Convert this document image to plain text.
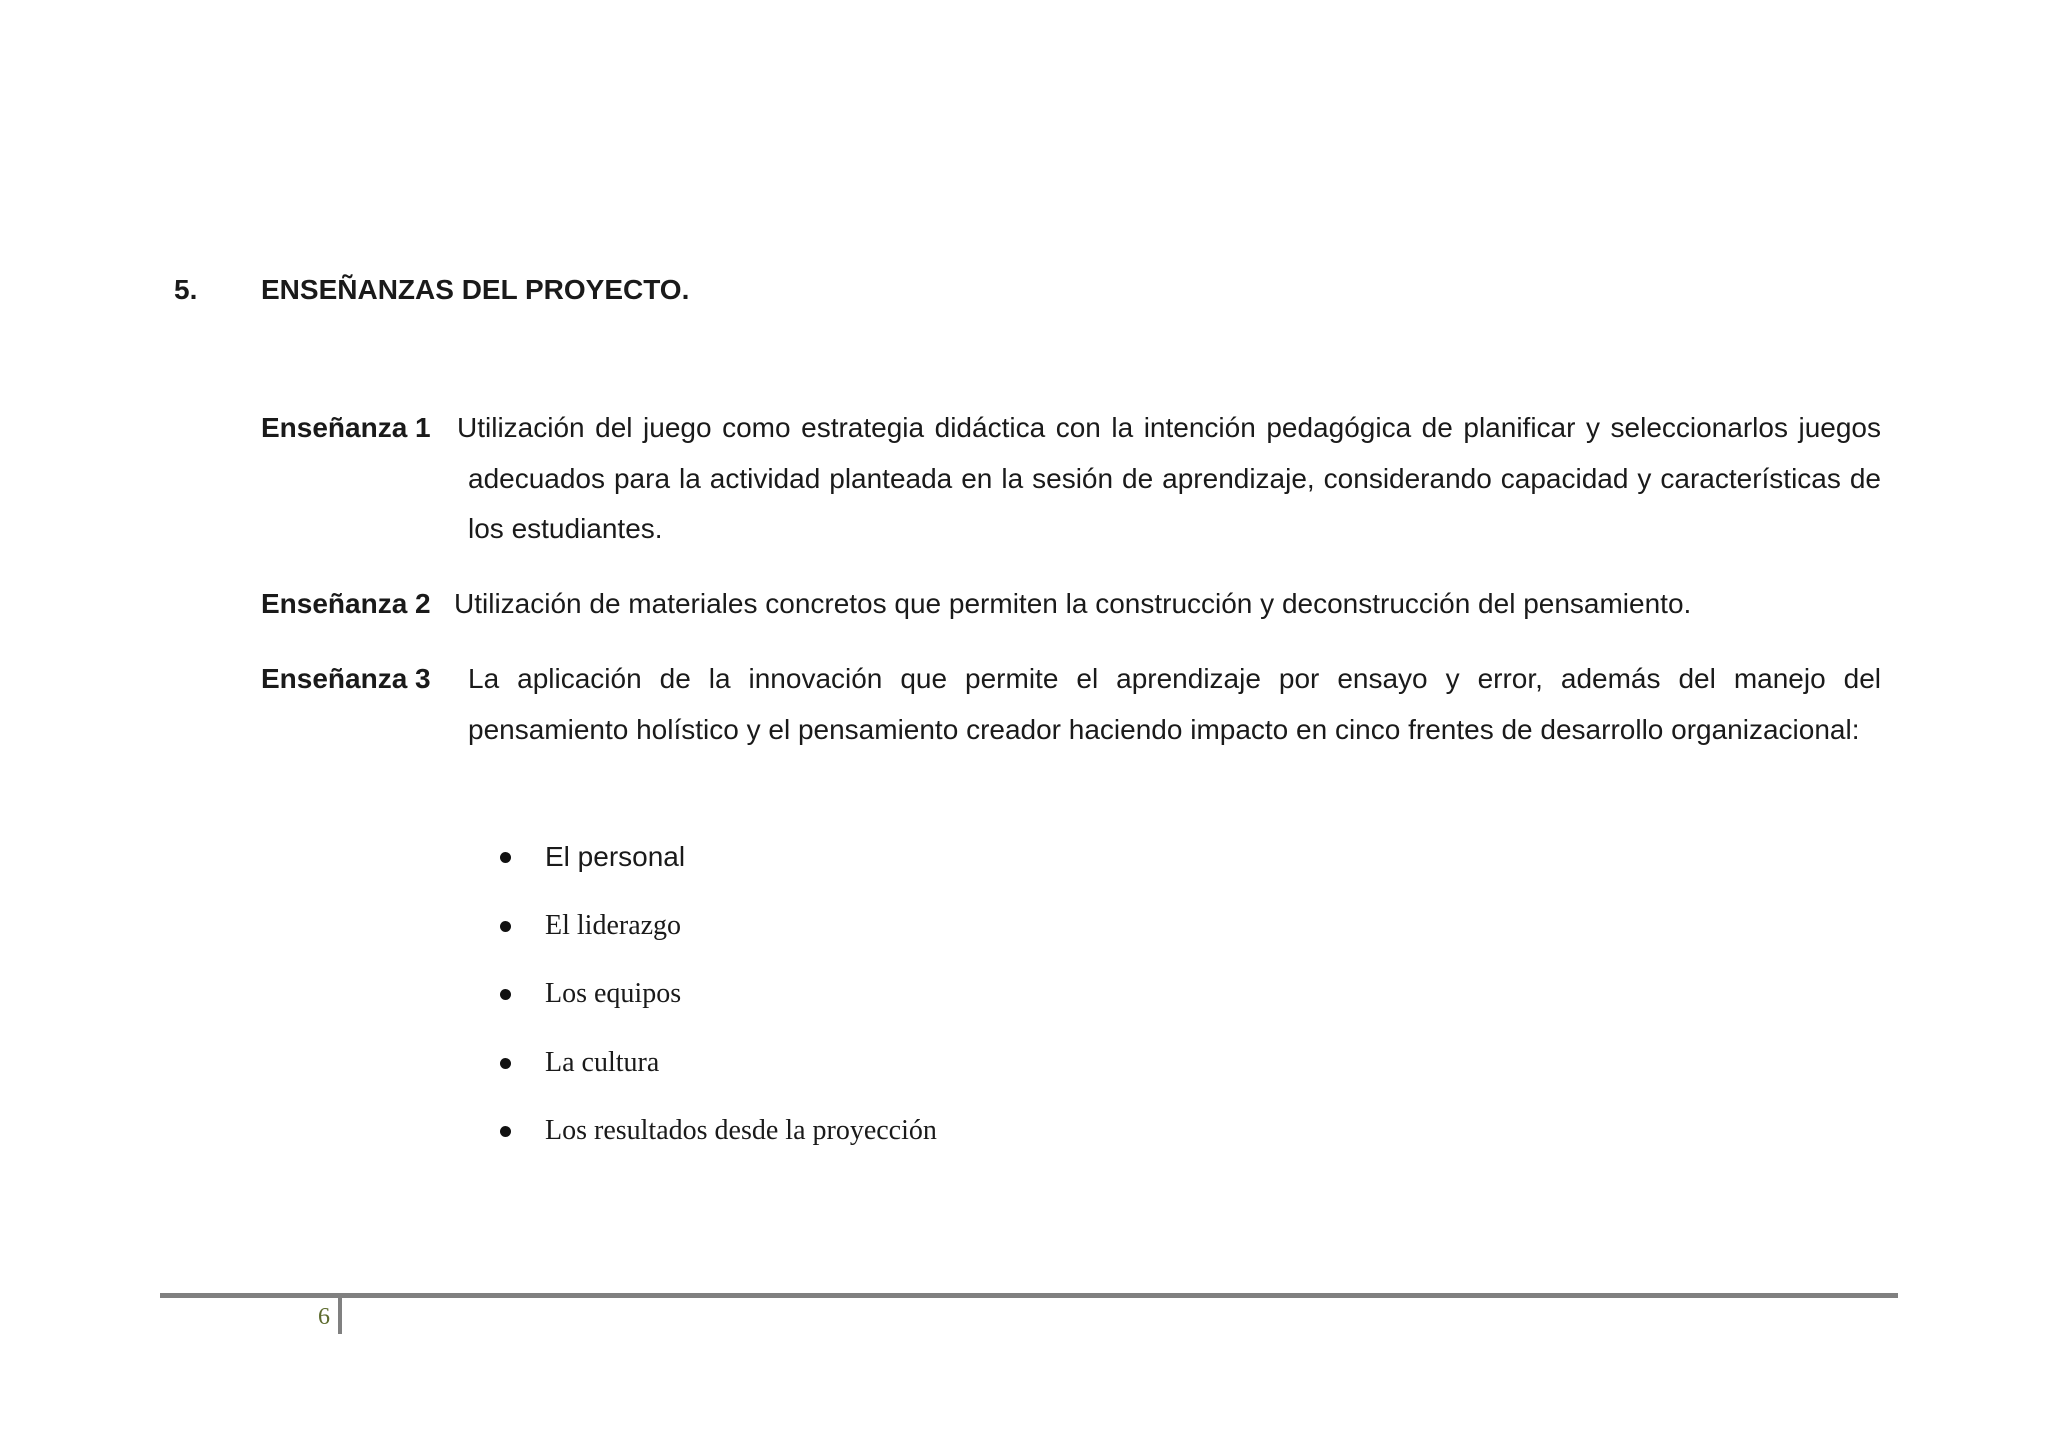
5. ENSEÑANZAS DEL PROYECTO.
Enseñanza 1 Utilización del juego como estrategia didáctica con la intención pedagógica de planificar y seleccionarlos juegos adecuados para la actividad planteada en la sesión de aprendizaje, considerando capacidad y características de los estudiantes.
Enseñanza 2 Utilización de materiales concretos que permiten la construcción y deconstrucción del pensamiento.
Enseñanza 3 La aplicación de la innovación que permite el aprendizaje por ensayo y error, además del manejo del pensamiento holístico y el pensamiento creador haciendo impacto en cinco frentes de desarrollo organizacional:
El personal
El liderazgo
Los equipos
La cultura
Los resultados desde la proyección
6
